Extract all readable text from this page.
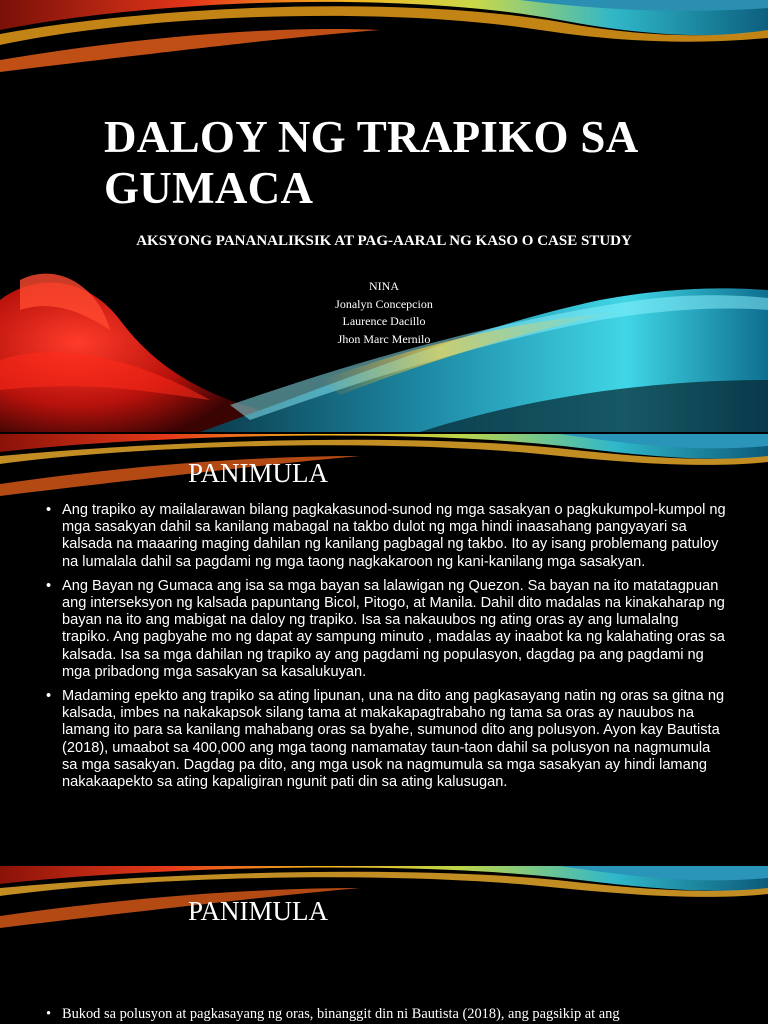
DALOY NG TRAPIKO SA GUMACA
AKSYONG PANANALIKSIK AT PAG-AARAL NG KASO O CASE STUDY
NINA
Jonalyn Concepcion
Laurence Dacillo
Jhon Marc Mernilo
PANIMULA
• Ang trapiko ay mailalarawan bilang pagkakasunod-sunod ng mga sasakyan o pagkukumpol-kumpol ng mga sasakyan dahil sa kanilang mabagal na takbo dulot ng mga hindi inaasahang pangyayari sa kalsada na maaaring maging dahilan ng kanilang pagbagal ng takbo. Ito ay isang problemang patuloy na lumalala dahil sa pagdami ng mga taong nagkakaroon ng kani-kanilang mga sasakyan.
• Ang Bayan ng Gumaca ang isa sa mga bayan sa lalawigan ng Quezon. Sa bayan na ito matatagpuan ang interseksyon ng kalsada papuntang Bicol, Pitogo, at Manila. Dahil dito madalas na kinakaharap ng bayan na ito ang mabigat na daloy ng trapiko. Isa sa nakauubos ng ating oras ay ang lumalalng trapiko. Ang pagbyahe mo ng dapat ay sampung minuto , madalas ay inaabot ka ng kalahating oras sa kalsada. Isa sa mga dahilan ng trapiko ay ang pagdami ng populasyon, dagdag pa ang pagdami ng mga pribadong mga sasakyan sa kasalukuyan.
• Madaming epekto ang trapiko sa ating lipunan, una na dito ang pagkasayang natin ng oras sa gitna ng kalsada, imbes na nakakapsok silang tama at makakapagtrabaho ng tama sa oras ay nauubos na lamang ito para sa kanilang mahabang oras sa byahe, sumunod dito ang polusyon. Ayon kay Bautista (2018), umaabot sa 400,000 ang mga taong namamatay taun-taon dahil sa polusyon na nagmumula sa mga sasakyan. Dagdag pa dito, ang mga usok na nagmumula sa mga sasakyan ay hindi lamang nakakaapekto sa ating kapaligiran ngunit pati din sa ating kalusugan.
PANIMULA
• Bukod sa polusyon at pagkasayang ng oras, binanggit din ni Bautista (2018), ang pagsikip at ang
